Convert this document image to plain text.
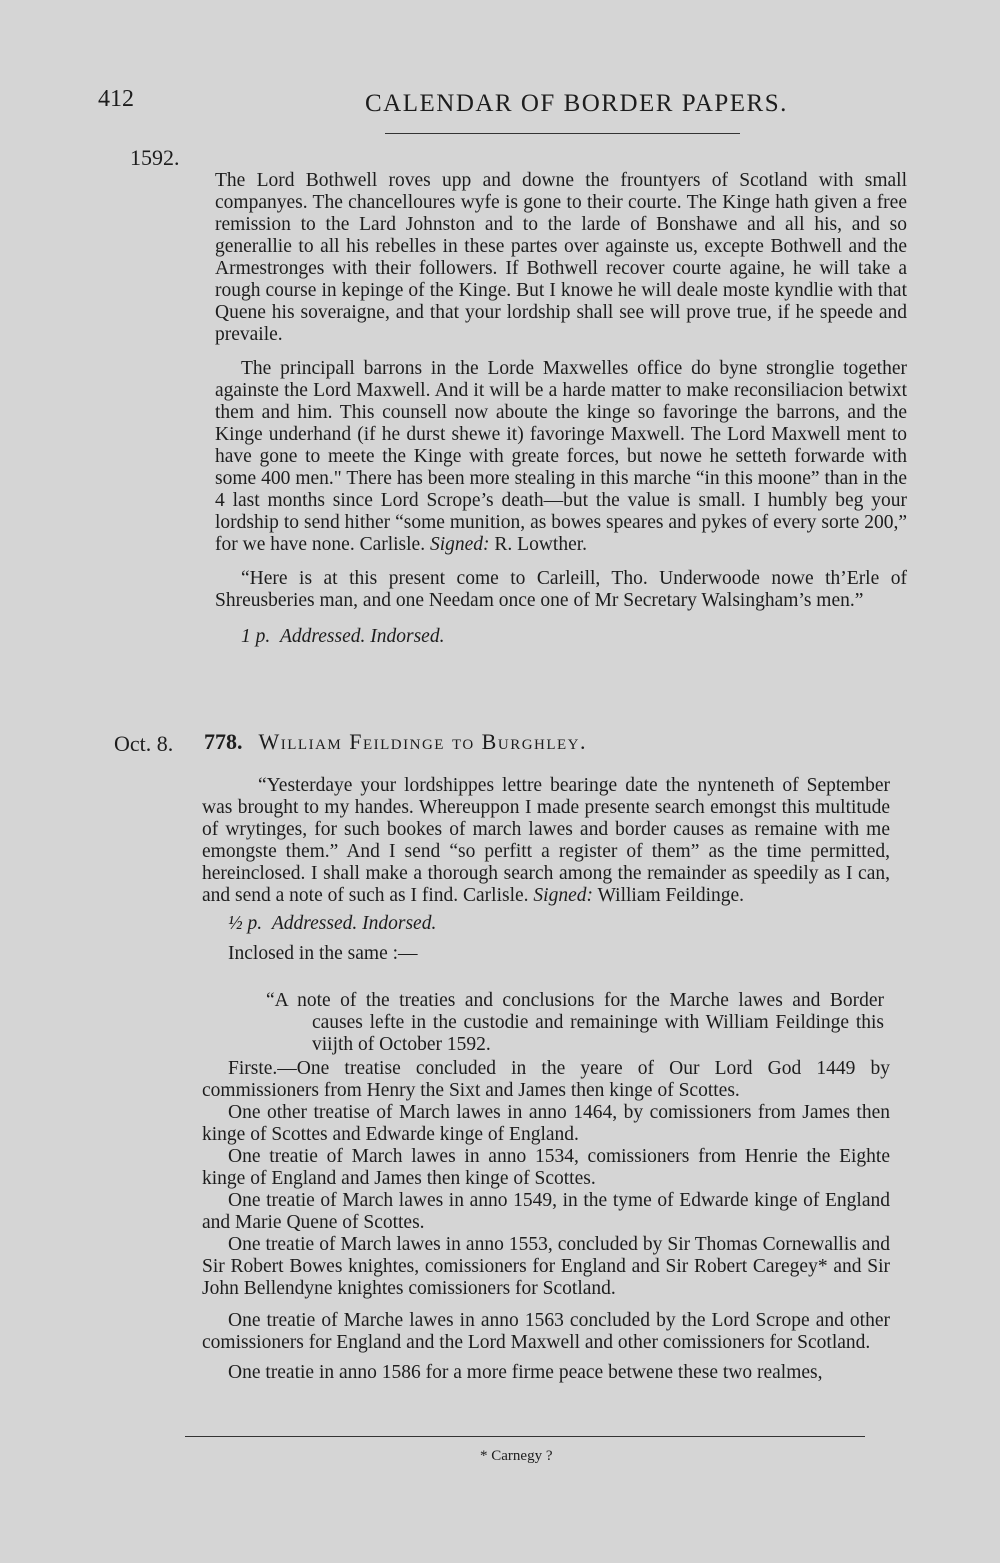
412	CALENDAR OF BORDER PAPERS.
1592.

The Lord Bothwell roves upp and downe the frountyers of Scotland with small companyes. The chancelloures wyfe is gone to their courte. The Kinge hath given a free remission to the Lard Johnston and to the larde of Bonshawe and all his, and so generallie to all his rebelles in these partes over againste us, excepte Bothwell and the Armestronges with their followers. If Bothwell recover courte againe, he will take a rough course in kepinge of the Kinge. But I knowe he will deale moste kyndlie with that Quene his soveraigne, and that your lordship shall see will prove true, if he speede and prevaile.

The principall barrons in the Lorde Maxwelles office do byne stronglie together againste the Lord Maxwell. And it will be a harde matter to make reconsiliacion betwixt them and him. This counsell now aboute the kinge so favoringe the barrons, and the Kinge underhand (if he durst shewe it) favoringe Maxwell. The Lord Maxwell ment to have gone to meete the Kinge with greate forces, but nowe he setteth forwarde with some 400 men." There has been more stealing in this marche “in this moone” than in the 4 last months since Lord Scrope’s death—but the value is small. I humbly beg your lordship to send hither “some munition, as bowes speares and pykes of every sorte 200,” for we have none. Carlisle. Signed: R. Lowther.

“Here is at this present come to Carleill, Tho. Underwoode nowe th’Erle of Shreusberies man, and one Needam once one of Mr Secretary Walsingham’s men.”

1 p. Addressed. Indorsed.

Oct. 8. 778. William Feildinge to Burghley.

“Yesterdaye your lordshippes lettre bearinge date the nynteneth of September was brought to my handes. Whereuppon I made presente search emongst this multitude of wrytinges, for such bookes of march lawes and border causes as remaine with me emongste them.” And I send “so perfitt a register of them” as the time permitted, hereinclosed. I shall make a thorough search among the remainder as speedily as I can, and send a note of such as I find. Carlisle. Signed: William Feildinge.

½ p. Addressed. Indorsed.

Inclosed in the same :—

“A note of the treaties and conclusions for the Marche lawes and Border causes lefte in the custodie and remaininge with William Feildinge this viijth of October 1592.

Firste.—One treatise concluded in the yeare of Our Lord God 1449 by commissioners from Henry the Sixt and James then kinge of Scottes.

One other treatise of March lawes in anno 1464, by comissioners from James then kinge of Scottes and Edwarde kinge of England.

One treatie of March lawes in anno 1534, comissioners from Henrie the Eighte kinge of England and James then kinge of Scottes.

One treatie of March lawes in anno 1549, in the tyme of Edwarde kinge of England and Marie Quene of Scottes.

One treatie of March lawes in anno 1553, concluded by Sir Thomas Cornewallis and Sir Robert Bowes knightes, comissioners for England and Sir Robert Caregey* and Sir John Bellendyne knightes comissioners for Scotland.

One treatie of Marche lawes in anno 1563 concluded by the Lord Scrope and other comissioners for England and the Lord Maxwell and other comissioners for Scotland.

One treatie in anno 1586 for a more firme peace betwene these two realmes,

* Carnegy ?
